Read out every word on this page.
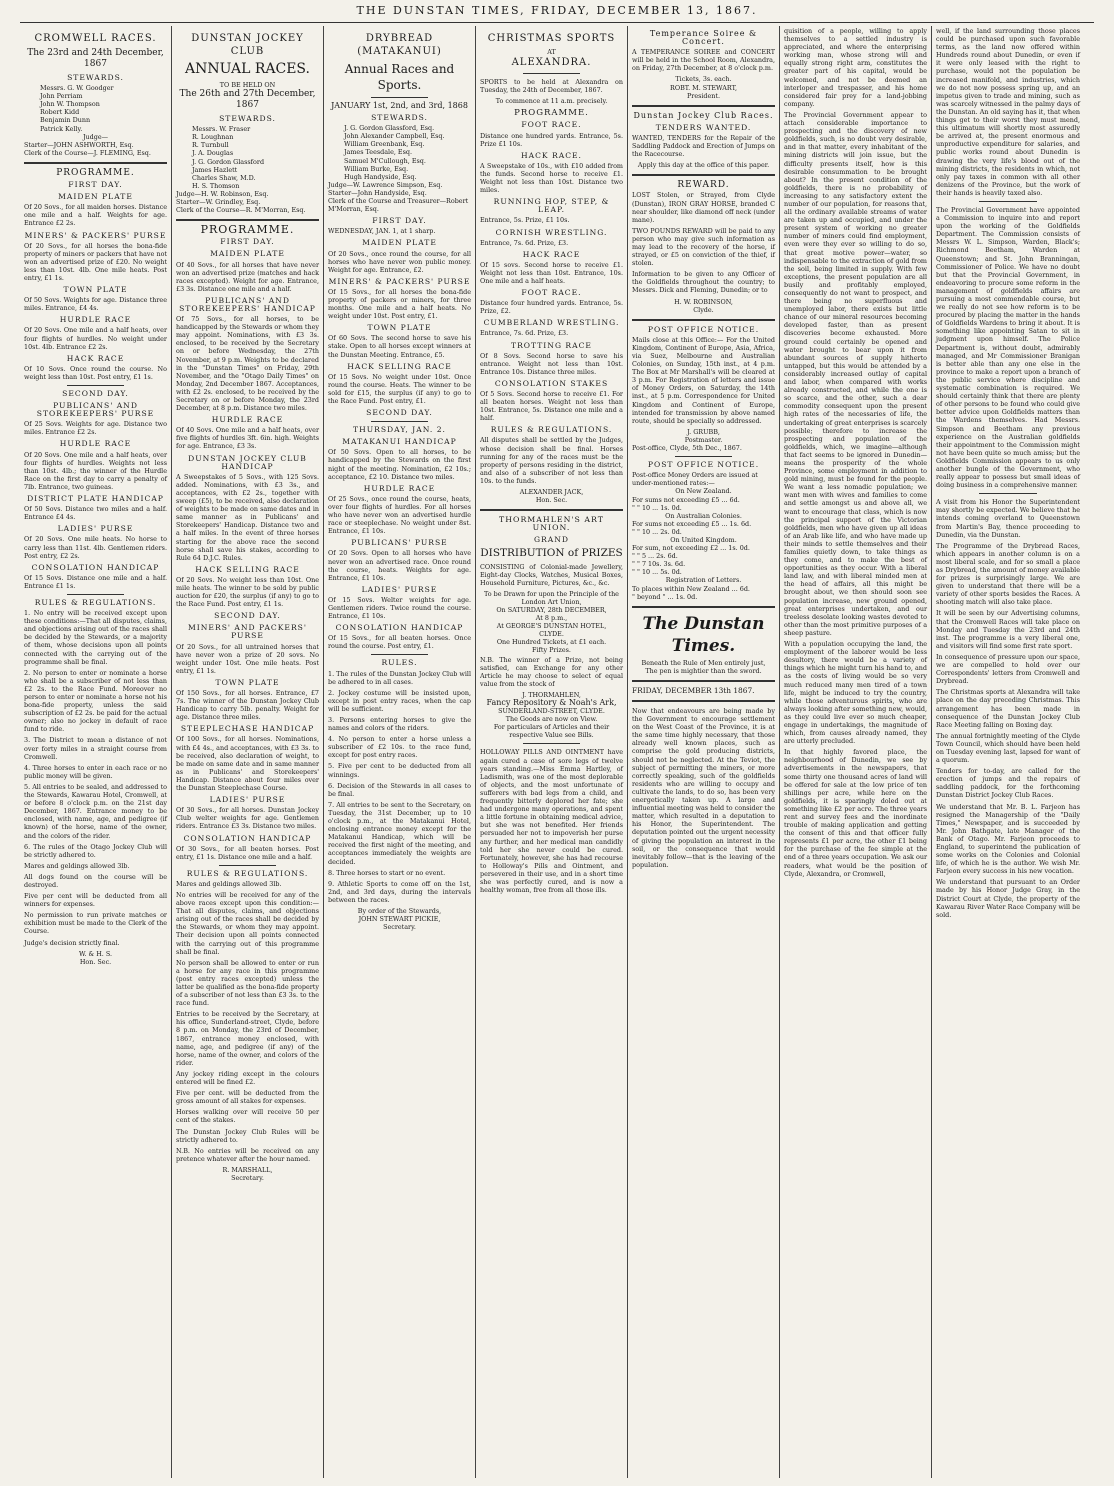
THE DUNSTAN TIMES, FRIDAY, DECEMBER 13, 1867.
CROMWELL RACES.
The 23rd and 24th December, 1867
STEWARDS.
Messrs. G. W. Goodger
John Perriam
John W. Thompson
Robert Kidd
Benjamin Dunn
Patrick Kelly.
Judge—
Starter—JOHN ASHWORTH, Esq.
Clerk of the Course—J. FLEMING, Esq.
PROGRAMME.
FIRST DAY.
MAIDEN PLATE

Of 20 Sovs., for all maiden horses. Distance one mile and a half. Weights for age. Entrance £2 2s.

MINERS' & PACKERS' PURSE

Of 20 Sovs., for all horses the bona-fide property of miners or packers that have not won an advertised prize of £20. No weight less than 10st. 4lb. One mile heats. Post entry, £1 1s.

TOWN PLATE

Of 50 Sovs. Weights for age. Distance three miles. Entrance, £4 4s.

HURDLE RACE

Of 20 Sovs. One mile and a half heats, over four flights of hurdles. No weight under 10st. 4lb. Entrance £2 2s.

HACK RACE

Of 10 Sovs. Once round the course. No weight less than 10st. Post entry, £1 1s.

SECOND DAY.
PUBLICANS' AND STOREKEEPERS' PURSE

Of 25 Sovs. Weights for age. Distance two miles. Entrance £2 2s.

HURDLE RACE

Of 20 Sovs. One mile and a half heats, over four flights of hurdles. Weights not less than 10st. 4lb.; the winner of the Hurdle Race on the first day to carry a penalty of 7lb. Entrance, two guineas.

DISTRICT PLATE HANDICAP

Of 50 Sovs. Distance two miles and a half. Entrance £4 4s.

LADIES' PURSE

Of 20 Sovs. One mile heats. No horse to carry less than 11st. 4lb. Gentlemen riders. Post entry, £2 2s.

CONSOLATION HANDICAP

Of 15 Sovs. Distance one mile and a half. Entrance £1 1s.

RULES & REGULATIONS.

1. No entry will be received except upon these conditions:—That all disputes, claims, and objections arising out of the races shall be decided by the Stewards, or a majority of them, whose decisions upon all points connected with the carrying out of the programme shall be final.

2. No person to enter or nominate a horse who shall be a subscriber of not less than £2 2s. to the Race Fund. Moreover no person to enter or nominate a horse not his bona-fide property, unless the said subscription of £2 2s. be paid for the actual owner; also no jockey in default of race fund to ride.

3. The District to mean a distance of not over forty miles in a straight course from Cromwell.

4. Three horses to enter in each race or no public money will be given.

5. All entries to be sealed, and addressed to the Stewards, Kawarau Hotel, Cromwell, at or before 8 o'clock p.m. on the 21st day December, 1867. Entrance money to be enclosed, with name, age, and pedigree (if known) of the horse, name of the owner, and the colors of the rider.

6. The rules of the Otago Jockey Club will be strictly adhered to.

Mares and geldings allowed 3lb.

All dogs found on the course will be destroyed.

Five per cent will be deducted from all winners for expenses.

No permission to run private matches or exhibition must be made to the Clerk of the Course.

Judge's decision strictly final.

W. & H. S.
Hon. Sec.
DUNSTAN JOCKEY CLUB
ANNUAL RACES.
TO BE HELD ON
The 26th and 27th December, 1867
STEWARDS.
Messrs. W. Fraser
R. Loughnan
R. Turnbull
J. A. Douglas
J. G. Gordon Glassford
James Hazlett
Charles Shaw, M.D.
H. S. Thomson
Judge—H. W. Robinson, Esq.
Starter—W. Grindley, Esq.
Clerk of the Course—R. M'Morran, Esq.
PROGRAMME.
FIRST DAY.
MAIDEN PLATE

Of 40 Sovs., for all horses that have never won an advertised prize (matches and hack races excepted). Weight for age. Entrance, £3 3s. Distance one mile and a half.

PUBLICANS' AND STOREKEEPERS' HANDICAP

Of 75 Sovs., for all horses, to be handicapped by the Stewards or whom they may appoint. Nominations, with £3 3s. enclosed, to be received by the Secretary on or before Wednesday, the 27th November, at 9 p.m. Weights to be declared in the "Dunstan Times" on Friday, 29th November, and the "Otago Daily Times" on Monday, 2nd December 1867. Acceptances, with £2 2s. enclosed, to be received by the Secretary on or before Monday, the 23rd December, at 8 p.m. Distance two miles.

HURDLE RACE

Of 40 Sovs. One mile and a half heats, over five flights of hurdles 3ft. 6in. high. Weights for age. Entrance, £3 3s.

DUNSTAN JOCKEY CLUB HANDICAP

A Sweepstakes of 5 Sovs., with 125 Sovs. added. Nominations, with £3 3s., and acceptances, with £2 2s., together with sweep (£5), to be received, also declaration of weights to be made on same dates and in same manner as in Publicans' and Storekeepers' Handicap. Distance two and a half miles. In the event of three horses starting for the above race the second horse shall save his stakes, according to Rule 64 D.J.C. Rules.

HACK SELLING RACE

Of 20 Sovs. No weight less than 10st. One mile heats. The winner to be sold by public auction for £20, the surplus (if any) to go to the Race Fund. Post entry, £1 1s.

SECOND DAY.
MINERS' AND PACKERS' PURSE

Of 20 Sovs., for all untrained horses that have never won a prize of 20 sovs. No weight under 10st. One mile heats. Post entry, £1 1s.

TOWN PLATE

Of 150 Sovs., for all horses. Entrance, £7 7s. The winner of the Dunstan Jockey Club Handicap to carry 5lb. penalty. Weight for age. Distance three miles.

STEEPLECHASE HANDICAP

Of 100 Sovs., for all horses. Nominations, with £4 4s., and acceptances, with £3 3s. to be received, also declaration of weight, to be made on same date and in same manner as in Publicans' and Storekeepers' Handicap. Distance about four miles over the Dunstan Steeplechase Course.

LADIES' PURSE

Of 30 Sovs., for all horses. Dunstan Jockey Club welter weights for age. Gentlemen riders. Entrance £3 3s. Distance two miles.

CONSOLATION HANDICAP

Of 30 Sovs., for all beaten horses. Post entry, £1 1s. Distance one mile and a half.

RULES & REGULATIONS.

Mares and geldings allowed 3lb.

No entries will be received for any of the above races except upon this condition:—That all disputes, claims, and objections arising out of the races shall be decided by the Stewards, or whom they may appoint. Their decision upon all points connected with the carrying out of this programme shall be final.

No person shall be allowed to enter or run a horse for any race in this programme (post entry races excepted) unless the latter be qualified as the bona-fide property of a subscriber of not less than £3 3s. to the race fund.

Entries to be received by the Secretary, at his office, Sunderland-street, Clyde, before 8 p.m. on Monday, the 23rd of December, 1867, entrance money enclosed, with name, age, and pedigree (if any) of the horse, name of the owner, and colors of the rider.

Any jockey riding except in the colours entered will be fined £2.

Five per cent. will be deducted from the gross amount of all stakes for expenses.

Horses walking over will receive 50 per cent of the stakes.

The Dunstan Jockey Club Rules will be strictly adhered to.

N.B. No entries will be received on any pretence whatever after the hour named.

R. MARSHALL,
Secretary.
DRYBREAD (MATAKANUI)
Annual Races and Sports.
JANUARY 1st, 2nd, and 3rd, 1868
STEWARDS.
J. G. Gordon Glassford, Esq.
John Alexander Campbell, Esq.
William Greenbank, Esq.
James Teesdale, Esq.
Samuel M'Cullough, Esq.
William Burke, Esq.
Hugh Handyside, Esq.
Judge—W. Lawrence Simpson, Esq.
Starter—John Handyside, Esq.
Clerk of the Course and Treasurer—Robert M'Morran, Esq.
FIRST DAY.
WEDNESDAY, JAN. 1, at 1 sharp.
MAIDEN PLATE

Of 20 Sovs., once round the course, for all horses who have never won public money. Weight for age. Entrance, £2.

MINERS' & PACKERS' PURSE

Of 15 Sovs., for all horses the bona-fide property of packers or miners, for three months. One mile and a half heats. No weight under 10st. Post entry, £1.

TOWN PLATE

Of 60 Sovs. The second horse to save his stake. Open to all horses except winners at the Dunstan Meeting. Entrance, £5.

HACK SELLING RACE

Of 15 Sovs. No weight under 10st. Once round the course. Heats. The winner to be sold for £15, the surplus (if any) to go to the Race Fund. Post entry, £1.

SECOND DAY.
THURSDAY, JAN. 2.
MATAKANUI HANDICAP

Of 50 Sovs. Open to all horses, to be handicapped by the Stewards on the first night of the meeting. Nomination, £2 10s.; acceptance, £2 10. Distance two miles.

HURDLE RACE

Of 25 Sovs., once round the course, heats, over four flights of hurdles. For all horses who have never won an advertised hurdle race or steeplechase. No weight under 8st. Entrance, £1 10s.

PUBLICANS' PURSE

Of 20 Sovs. Open to all horses who have never won an advertised race. Once round the course, heats. Weights for age. Entrance, £1 10s.

LADIES' PURSE

Of 15 Sovs. Welter weights for age. Gentlemen riders. Twice round the course. Entrance, £1 10s.

CONSOLATION HANDICAP

Of 15 Sovs., for all beaten horses. Once round the course. Post entry, £1.

RULES.

1. The rules of the Dunstan Jockey Club will be adhered to in all cases.

2. Jockey costume will be insisted upon, except in post entry races, when the cap will be sufficient.

3. Persons entering horses to give the names and colors of the riders.

4. No person to enter a horse unless a subscriber of £2 10s. to the race fund, except for post entry races.

5. Five per cent to be deducted from all winnings.

6. Decision of the Stewards in all cases to be final.

7. All entries to be sent to the Secretary, on Tuesday, the 31st December, up to 10 o'clock p.m., at the Matakanui Hotel, enclosing entrance money except for the Matakanui Handicap, which will be received the first night of the meeting, and acceptances immediately the weights are decided.

8. Three horses to start or no event.

9. Athletic Sports to come off on the 1st, 2nd, and 3rd days, during the intervals between the races.

By order of the Stewards,
JOHN STEWART PICKIE,
Secretary.
CHRISTMAS SPORTS
AT
ALEXANDRA.

SPORTS to be held at Alexandra on Tuesday, the 24th of December, 1867.

To commence at 11 a.m. precisely.
PROGRAMME.
FOOT RACE.

Distance one hundred yards. Entrance, 5s. Prize £1 10s.

HACK RACE.

A Sweepstake of 10s., with £10 added from the funds. Second horse to receive £1. Weight not less than 10st. Distance two miles.

RUNNING HOP, STEP, & LEAP.

Entrance, 5s. Prize, £1 10s.

CORNISH WRESTLING.

Entrance, 7s. 6d. Prize, £3.

HACK RACE

Of 15 sovs. Second horse to receive £1. Weight not less than 10st. Entrance, 10s. One mile and a half heats.

FOOT RACE.

Distance four hundred yards. Entrance, 5s. Prize, £2.

CUMBERLAND WRESTLING.

Entrance, 7s. 6d. Prize, £3.

TROTTING RACE

Of 8 Sovs. Second horse to save his entrance. Weight not less than 10st. Entrance 10s. Distance three miles.

CONSOLATION STAKES

Of 5 Sovs. Second horse to receive £1. For all beaten horses. Weight not less than 10st. Entrance, 5s. Distance one mile and a half.

RULES & REGULATIONS.

All disputes shall be settled by the Judges, whose decision shall be final. Horses running for any of the races must be the property of persons residing in the district, and also of a subscriber of not less than 10s. to the funds.

ALEXANDER JACK,
Hon. Sec.
THORMAHLEN'S ART UNION.
GRAND
DISTRIBUTION of PRIZES

CONSISTING of Colonial-made Jewellery, Eight-day Clocks, Watches, Musical Boxes, Household Furniture, Pictures, &c., &c.

To be Drawn for upon the Principle of the London Art Union,
On SATURDAY, 28th DECEMBER,
At 8 p.m.,
At GEORGE'S DUNSTAN HOTEL,
CLYDE.
One Hundred Tickets, at £1 each.
Fifty Prizes.

N.B. The winner of a Prize, not being satisfied, can Exchange for any other Article he may choose to select of equal value from the stock of

J. THORMAHLEN,
Fancy Repository & Noah's Ark,
SUNDERLAND-STREET, CLYDE.
The Goods are now on View.
For particulars of Articles and their respective Value see Bills.

HOLLOWAY PILLS AND OINTMENT have again cured a case of sore legs of twelve years standing.—Miss Emma Hartley, of Ladismith, was one of the most deplorable of objects, and the most unfortunate of sufferers with bad legs from a child, and frequently bitterly deplored her fate; she had undergone many operations, and spent a little fortune in obtaining medical advice, but she was not benefited. Her friends persuaded her not to impoverish her purse any further, and her medical man candidly told her she never could be cured. Fortunately, however, she has had recourse to Holloway's Pills and Ointment, and persevered in their use, and in a short time she was perfectly cured, and is now a healthy woman, free from all those ills.

Temperance Soiree & Concert.

A TEMPERANCE SOIREE and CONCERT will be held in the School Room, Alexandra, on Friday, 27th December, at 8 o'clock p.m.

Tickets, 3s. each.
ROBT. M. STEWART,
President.
Dunstan Jockey Club Races.
TENDERS WANTED.

WANTED, TENDERS for the Repair of the Saddling Paddock and Erection of Jumps on the Racecourse.

Apply this day at the office of this paper.
REWARD.

LOST Stolen, or Strayed, from Clyde (Dunstan), IRON GRAY HORSE, branded C near shoulder, like diamond off neck (under mane).

TWO POUNDS REWARD will be paid to any person who may give such information as may lead to the recovery of the horse, if strayed, or £5 on conviction of the thief, if stolen.

Information to be given to any Officer of the Goldfields throughout the country; to Messrs. Dick and Fleming, Dunedin; or to

H. W. ROBINSON,
Clyde.
POST OFFICE NOTICE.

Mails close at this Office:— For the United Kingdom, Continent of Europe, Asia, Africa, via Suez, Melbourne and Australian Colonies, on Sunday, 15th inst., at 4 p.m. The Box at Mr Marshall's will be cleared at 3 p.m. For Registration of letters and issue of Money Orders, on Saturday, the 14th inst., at 5 p.m. Correspondence for United Kingdom and Continent of Europe, intended for transmission by above named route, should be specially so addressed.

J. GRUBB,
Postmaster.
Post-office, Clyde, 5th Dec., 1867.
POST OFFICE NOTICE.
Post-office Money Orders are issued at under-mentioned rates:—
On New Zealand.
For sums not exceeding £5 ... 6d.
" " 10 ... 1s. 0d.
On Australian Colonies.
For sums not exceeding £5 ... 1s. 6d.
" " 10 ... 2s. 0d.
On United Kingdom.
For sum, not exceeding £2 ... 1s. 0d.
" " 5 ... 2s. 6d.
" " 7 10s. 3s. 6d.
" " 10 ... 5s. 0d.
Registration of Letters.
To places within New Zealand ... 6d.
" beyond " ... 1s. 0d.
The Dunstan Times.
Beneath the Rule of Men entirely just,
The pen is mightier than the sword.
FRIDAY, DECEMBER 13th 1867.

Now that endeavours are being made by the Government to encourage settlement on the West Coast of the Province, it is at the same time highly necessary, that those already well known places, such as comprise the gold producing districts, should not be neglected. At the Teviot, the subject of permitting the miners, or more correctly speaking, such of the goldfields residents who are willing to occupy and cultivate the lands, to do so, has been very energetically taken up. A large and influential meeting was held to consider the matter, which resulted in a deputation to his Honor, the Superintendent. The deputation pointed out the urgent necessity of giving the population an interest in the soil, or the consequence that would inevitably follow—that is the leaving of the population.

quisition of a people, willing to apply themselves to a settled industry is appreciated, and where the enterprising working man, whose strong will and equally strong right arm, constitutes the greater part of his capital, would be welcomed, and not be deemed an interloper and trespasser, and his home considered fair prey for a land-jobbing company.

The Provincial Government appear to attach considerable importance to prospecting and the discovery of new goldfields, such, is no doubt very desirable, and in that matter, every inhabitant of the mining districts will join issue, but the difficulty presents itself, how is this desirable consummation to be brought about? In the present condition of the goldfields, there is no probability of increasing to any satisfactory extent the number of our population, for reasons that, all the ordinary available streams of water are taken up and occupied, and under the present system of working no greater number of miners could find employment, even were they ever so willing to do so, that great motive power—water, so indispensable to the extraction of gold from the soil, being limited in supply. With few exceptions, the present population are all busily and profitably employed, consequently do not want to prospect, and there being no superfluous and unemployed labor, there exists but little chance of our mineral resources becoming developed faster, than as present discoveries become exhausted. More ground could certainly be opened and water brought to bear upon it from abundant sources of supply hitherto untapped, but this would be attended by a considerably increased outlay of capital and labor, when compared with works already constructed, and while the one is so scarce, and the other, such a dear commodity consequent upon the present high rates of the necessaries of life, the undertaking of great enterprises is scarcely possible; therefore to increase the prospecting and population of the goldfields, which, we imagine—although that fact seems to be ignored in Dunedin—means the prosperity of the whole Province, some employment in addition to gold mining, must be found for the people. We want a less nomadic population; we want men with wives and families to come and settle amongst us and above all, we want to encourage that class, which is now the principal support of the Victorian goldfields, men who have given up all ideas of an Arab like life, and who have made up their minds to settle themselves and their families quietly down, to take things as they come, and to make the best of opportunities as they occur. With a liberal land law, and with liberal minded men at the head of affairs, all this might be brought about, we then should soon see population increase, new ground opened, great enterprises undertaken, and our treeless desolate looking wastes devoted to other than the most primitive purposes of a sheep pasture.

With a population occupying the land, the employment of the laborer would be less desultory, there would be a variety of things which he might turn his hand to, and as the costs of living would be so very much reduced many men tired of a town life, might be induced to try the country, while those adventurous spirits, who are always looking after something new, would, as they could live ever so much cheaper, engage in undertakings, the magnitude of which, from causes already named, they are utterly precluded.

In that highly favored place, the neighbourhood of Dunedin, we see by advertisements in the newspapers, that some thirty one thousand acres of land will be offered for sale at the low price of ten shillings per acre, while here on the goldfields, it is sparingly doled out at something like £2 per acre. The three years rent and survey fees and the inordinate trouble of making application and getting the consent of this and that officer fully represents £1 per acre, the other £1 being for the purchase of the fee simple at the end of a three years occupation. We ask our readers, what would be the position of Clyde, Alexandra, or Cromwell,

well, if the land surrounding those places could be purchased upon such favorable terms, as the land now offered within Hundreds round about Dunedin, or even if it were only leased with the right to purchase, would not the population be increased manifold, and industries, which we do not now possess spring up, and an impetus given to trade and mining, such as was scarcely witnessed in the palmy days of the Dunstan. An old saying has it, that when things get to their worst they must mend, this ultimatum will shortly most assuredly be arrived at, the present enormous and unproductive expenditure for salaries, and public works round about Dunedin is drawing the very life's blood out of the mining districts, the residents in which, not only pay taxes in common with all other denizens of the Province, but the work of their hands is heavily taxed also.

The Provincial Government have appointed a Commission to inquire into and report upon the working of the Goldfields Department. The Commission consists of Messrs W. L. Simpson, Warden, Black's; Richmond Beetham, Warden at Queenstown; and St. John Branningan, Commissioner of Police. We have no doubt but that the Provincial Government, in endeavoring to procure some reform in the management of goldfields affairs are pursuing a most commendable course, but we really do not see how reform is to be procured by placing the matter in the hands of Goldfields Wardens to bring it about. It is something like appointing Satan to sit in judgment upon himself. The Police Department is, without doubt, admirably managed, and Mr Commissioner Branigan is better able than any one else in the province to make a report upon a branch of the public service where discipline and systematic combination is required. We should certainly think that there are plenty of other persons to be found who could give better advice upon Goldfields matters than the Wardens themselves. Had Messrs. Simpson and Beetham any previous experience on the Australian goldfields their appointment to the Commission might not have been quite so much amiss; but the Goldfields Commission appears to us only another bungle of the Government, who really appear to possess but small ideas of doing business in a comprehensive manner.

A visit from his Honor the Superintendent may shortly be expected. We believe that he intends coming overland to Queenstown from Martin's Bay, thence proceeding to Dunedin, via the Dunstan.

The Programme of the Drybread Races, which appears in another column is on a most liberal scale, and for so small a place as Drybread, the amount of money available for prizes is surprisingly large. We are given to understand that there will be a variety of other sports besides the Races. A shooting match will also take place.

It will be seen by our Advertising columns, that the Cromwell Races will take place on Monday and Tuesday the 23rd and 24th inst. The programme is a very liberal one, and visitors will find some first rate sport.

In consequence of pressure upon our space, we are compelled to hold over our Correspondents' letters from Cromwell and Drybread.

The Christmas sports at Alexandra will take place on the day preceding Christmas. This arrangement has been made in consequence of the Dunstan Jockey Club Race Meeting falling on Boxing day.

The annual fortnightly meeting of the Clyde Town Council, which should have been held on Tuesday evening last, lapsed for want of a quorum.

Tenders for to-day, are called for the erection of jumps and the repairs of saddling paddock, for the forthcoming Dunstan District Jockey Club Races.

We understand that Mr. B. L. Farjeon has resigned the Managership of the "Daily Times," Newspaper, and is succeeded by Mr. John Bathgate, late Manager of the Bank of Otago. Mr. Farjeon proceeds to England, to superintend the publication of some works on the Colonies and Colonial life, of which he is the author. We wish Mr. Farjeon every success in his new vocation.

We understand that pursuant to an Order made by his Honor Judge Gray, in the District Court at Clyde, the property of the Kawarau River Water Race Company will be sold.
